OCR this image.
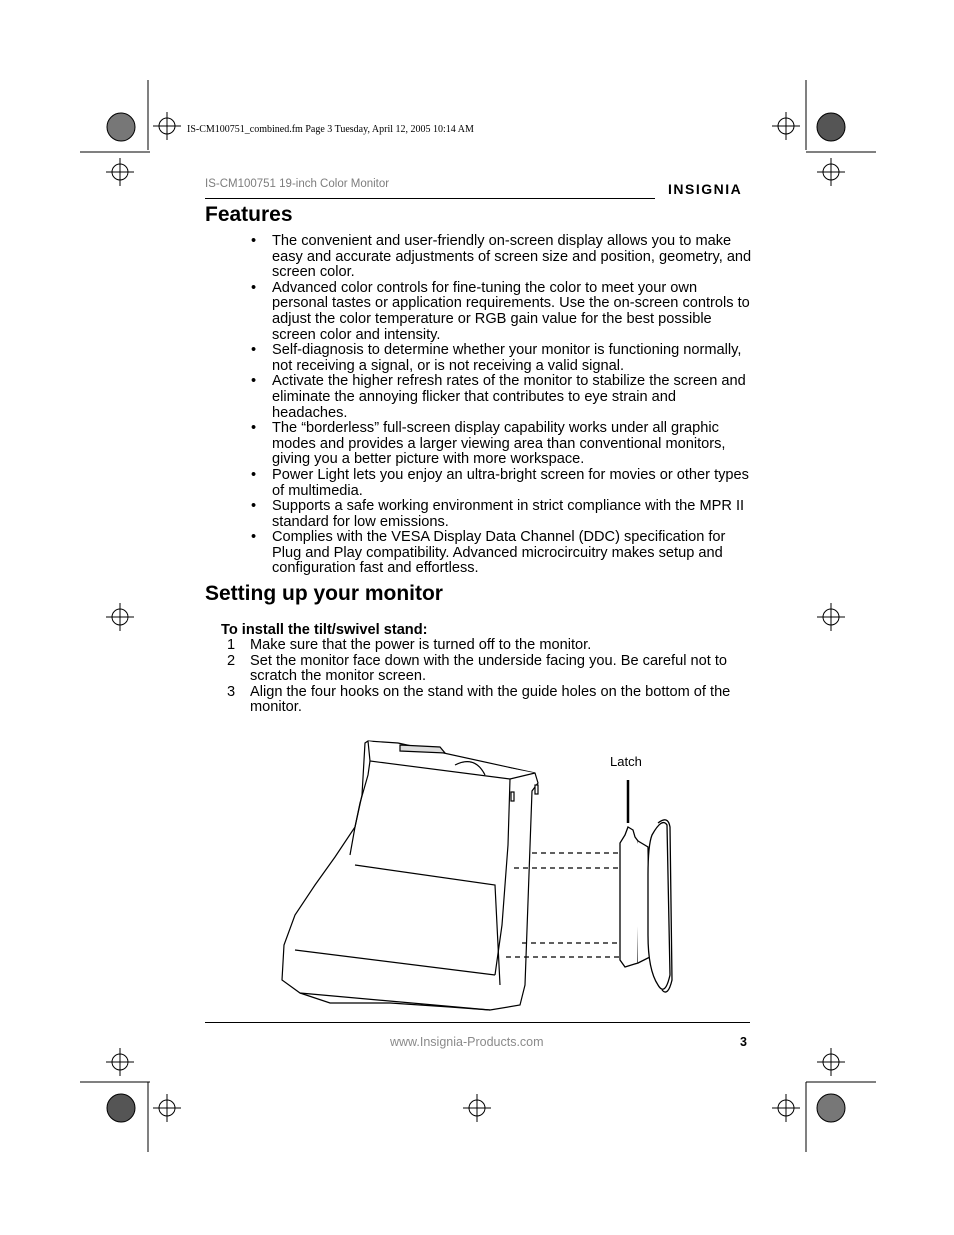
IS-CM100751_combined.fm Page 3 Tuesday, April 12, 2005 10:14 AM
IS-CM100751 19-inch Color Monitor	INSIGNIA
Features
• The convenient and user-friendly on-screen display allows you to make easy and accurate adjustments of screen size and position, geometry, and screen color.
• Advanced color controls for fine-tuning the color to meet your own personal tastes or application requirements. Use the on-screen controls to adjust the color temperature or RGB gain value for the best possible screen color and intensity.
• Self-diagnosis to determine whether your monitor is functioning normally, not receiving a signal, or is not receiving a valid signal.
• Activate the higher refresh rates of the monitor to stabilize the screen and eliminate the annoying flicker that contributes to eye strain and headaches.
• The “borderless” full-screen display capability works under all graphic modes and provides a larger viewing area than conventional monitors, giving you a better picture with more workspace.
• Power Light lets you enjoy an ultra-bright screen for movies or other types of multimedia.
• Supports a safe working environment in strict compliance with the MPR II standard for low emissions.
• Complies with the VESA Display Data Channel (DDC) specification for Plug and Play compatibility. Advanced microcircuitry makes setup and configuration fast and effortless.
Setting up your monitor
To install the tilt/swivel stand:
1 Make sure that the power is turned off to the monitor.
2 Set the monitor face down with the underside facing you. Be careful not to scratch the monitor screen.
3 Align the four hooks on the stand with the guide holes on the bottom of the monitor.
Latch
www.Insignia-Products.com	3
